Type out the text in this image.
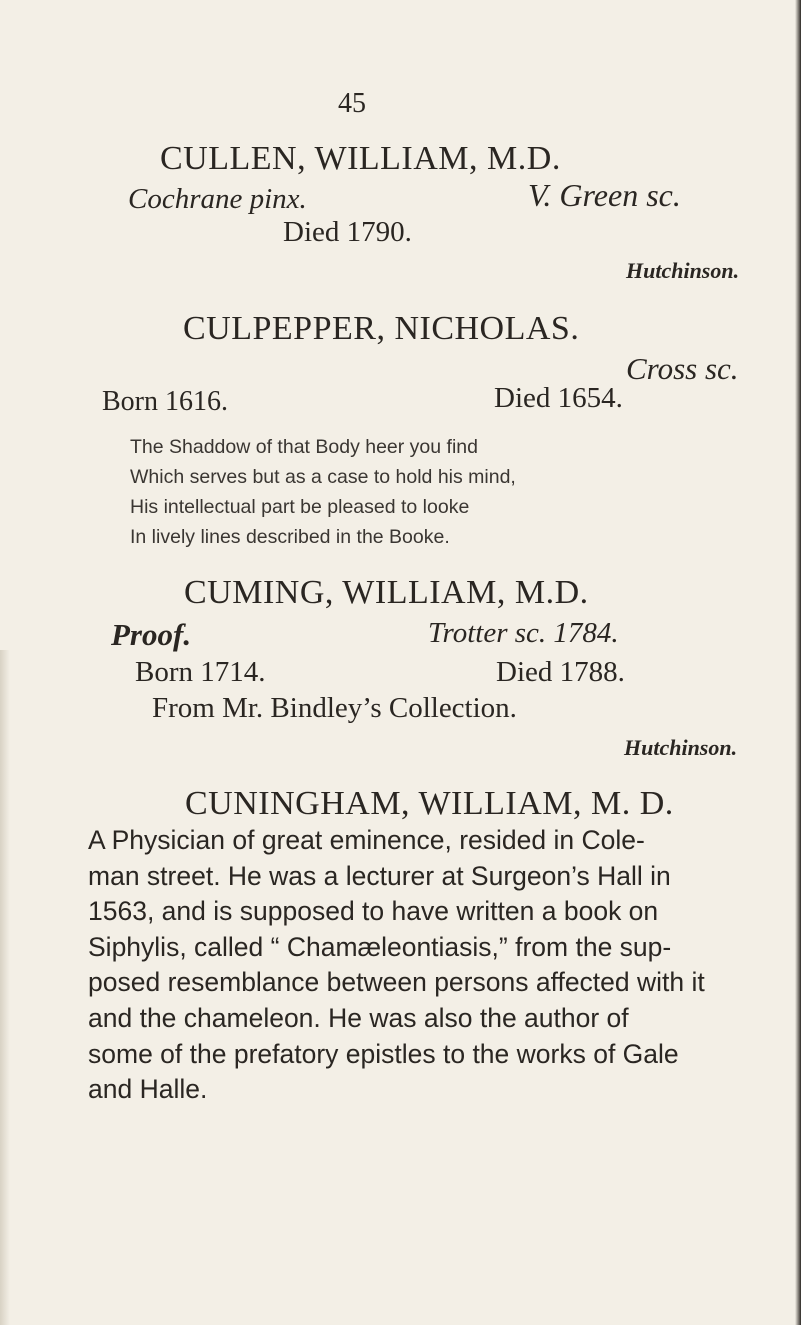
45
CULLEN, WILLIAM, M.D.
Cochrane pinx.	V. Green sc.
Died 1790.
Hutchinson.
CULPEPPER, NICHOLAS.
Cross sc.
Born 1616.	Died 1654.
The Shaddow of that Body heer you find
Which serves but as a case to hold his mind,
His intellectual part be pleased to looke
In lively lines described in the Booke.
CUMING, WILLIAM, M.D.
Proof.	Trotter sc. 1784.
Born 1714.	Died 1788.
From Mr. Bindley’s Collection.
Hutchinson.
CUNINGHAM, WILLIAM, M. D.
A Physician of great eminence, resided in Cole-
man street. He was a lecturer at Surgeon’s Hall in
1563, and is supposed to have written a book on
Siphylis, called “ Chamæleontiasis,” from the sup-
posed resemblance between persons affected with it
and the chameleon. He was also the author of
some of the prefatory epistles to the works of Gale
and Halle.
